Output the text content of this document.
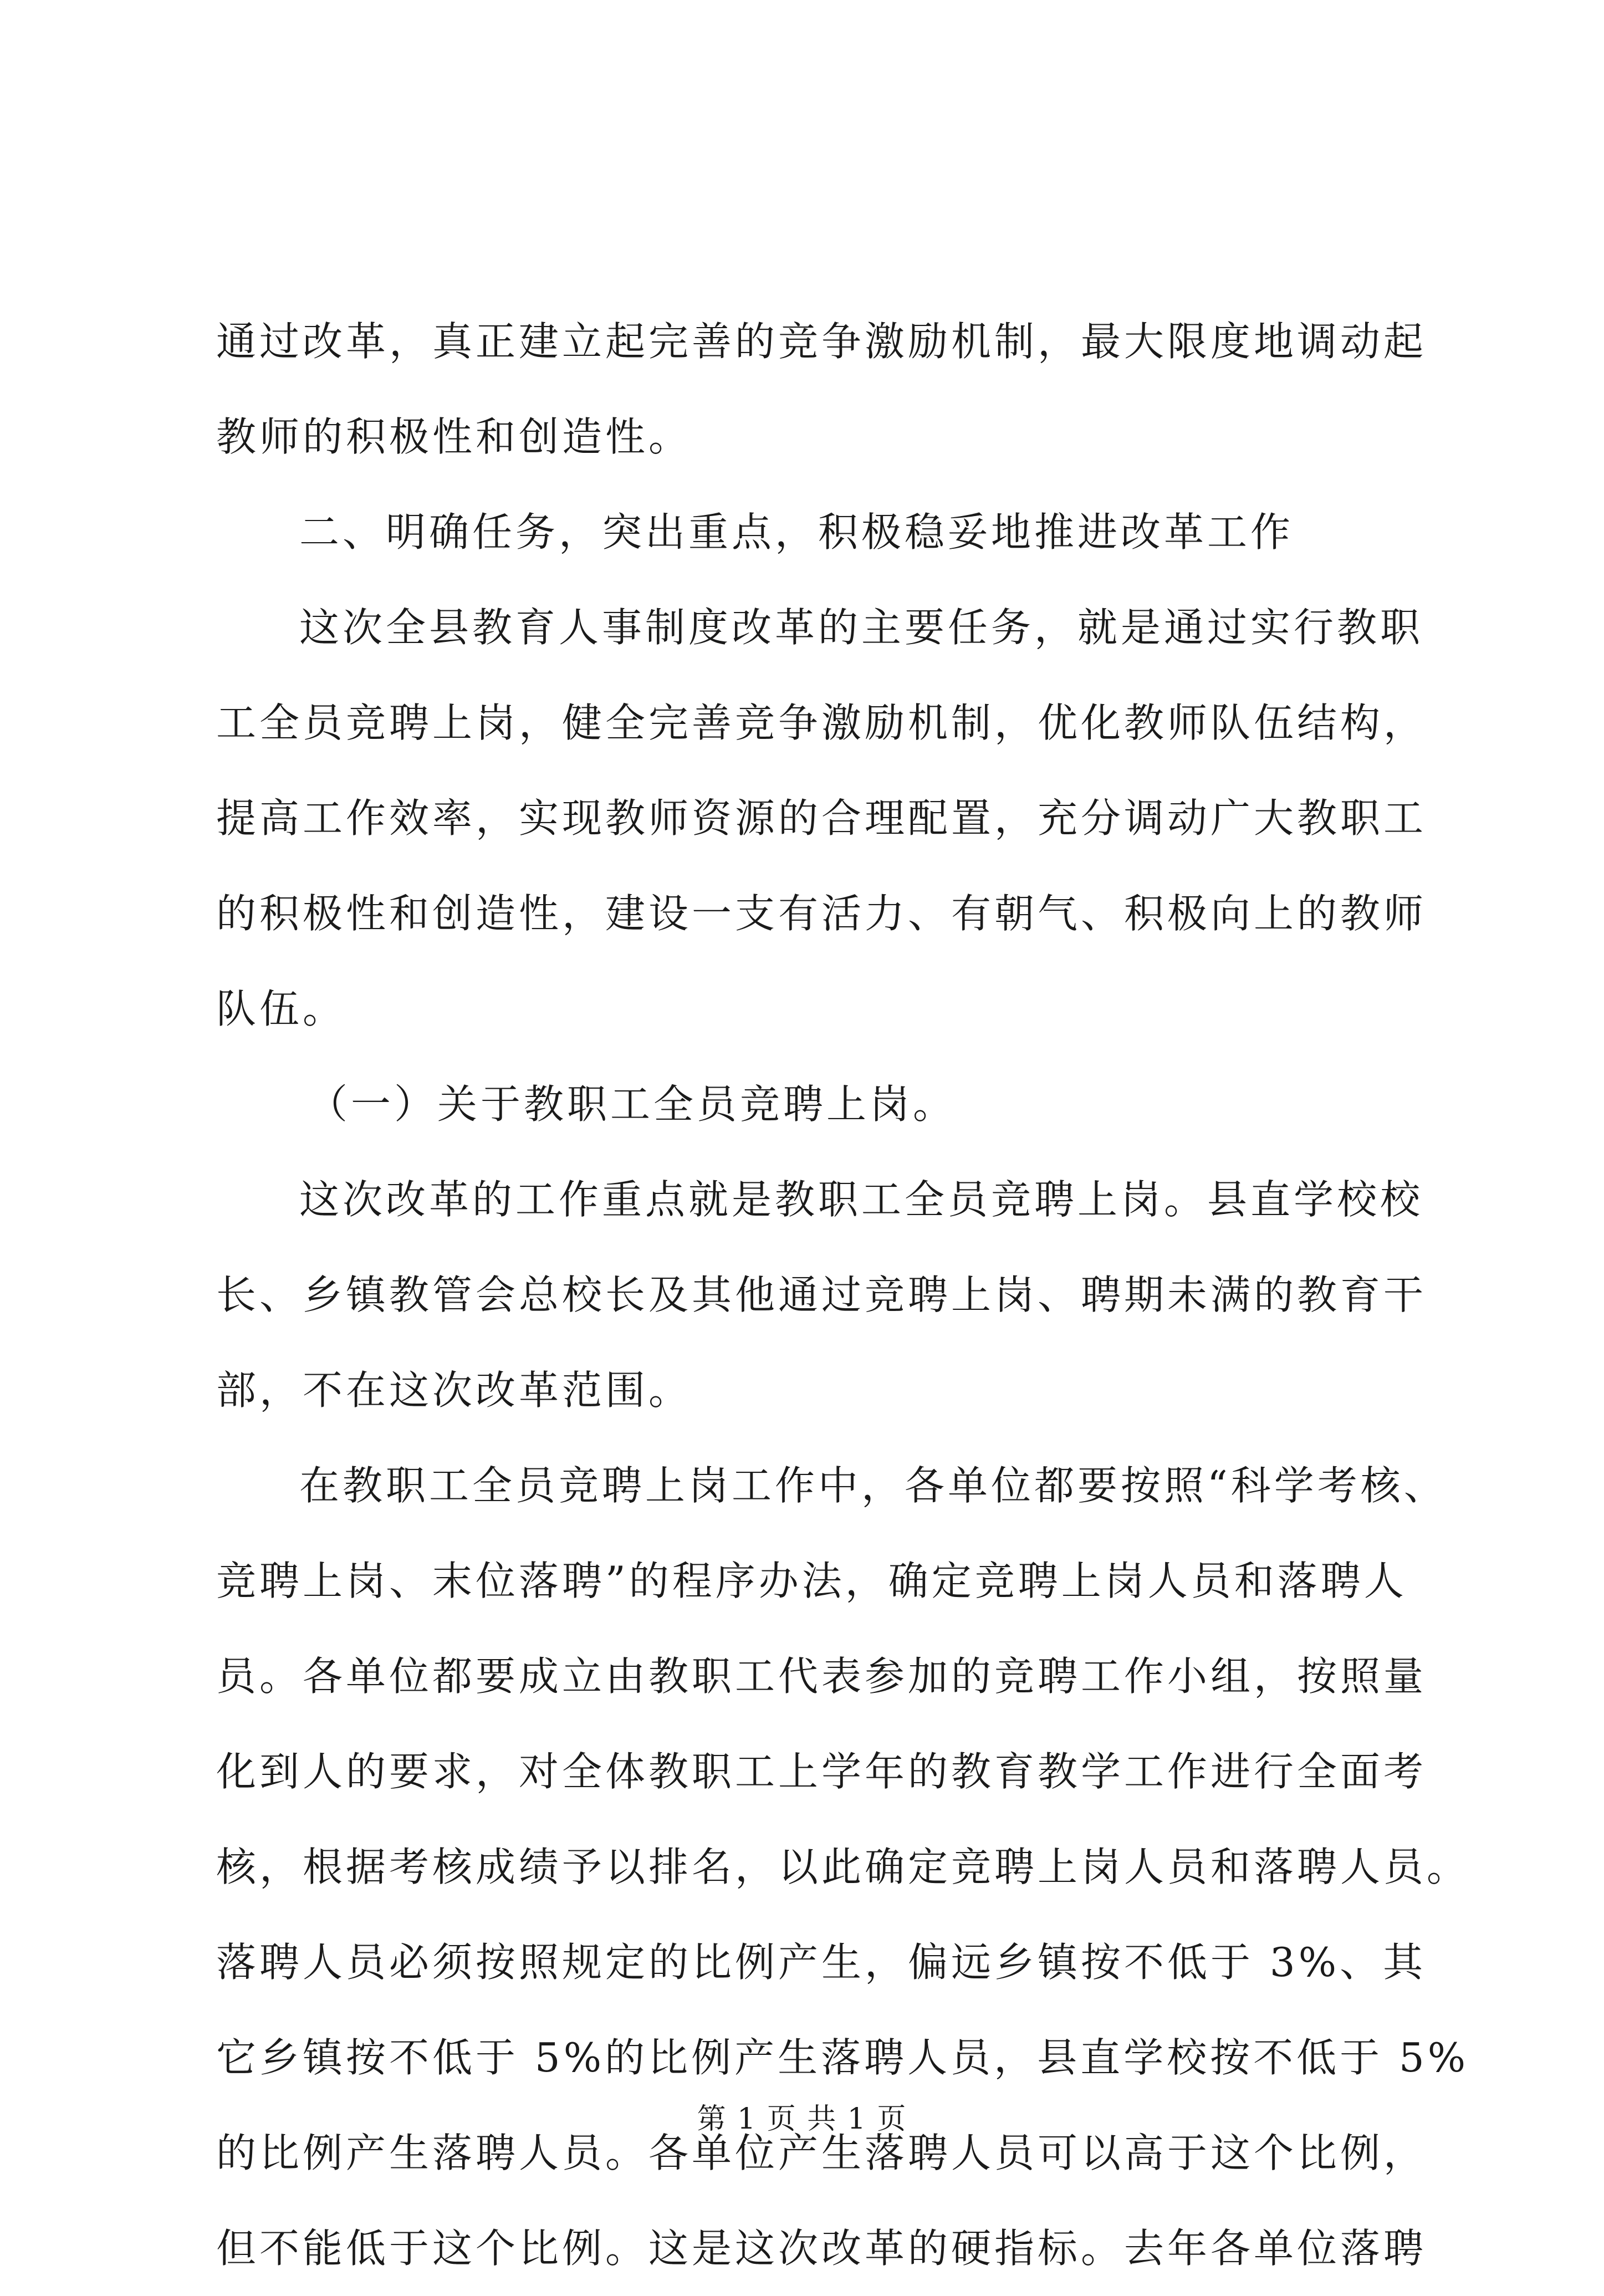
通过改革，真正建立起完善的竞争激励机制，最大限度地调动起
教师的积极性和创造性。
二、明确任务，突出重点，积极稳妥地推进改革工作
这次全县教育人事制度改革的主要任务，就是通过实行教职
工全员竞聘上岗，健全完善竞争激励机制，优化教师队伍结构，
提高工作效率，实现教师资源的合理配置，充分调动广大教职工
的积极性和创造性，建设一支有活力、有朝气、积极向上的教师
队伍。
（一）关于教职工全员竞聘上岗。
这次改革的工作重点就是教职工全员竞聘上岗。县直学校校
长、乡镇教管会总校长及其他通过竞聘上岗、聘期未满的教育干
部，不在这次改革范围。
在教职工全员竞聘上岗工作中，各单位都要按照“科学考核、
竞聘上岗、末位落聘”的程序办法，确定竞聘上岗人员和落聘人
员。各单位都要成立由教职工代表参加的竞聘工作小组，按照量
化到人的要求，对全体教职工上学年的教育教学工作进行全面考
核，根据考核成绩予以排名，以此确定竞聘上岗人员和落聘人员。
落聘人员必须按照规定的比例产生，偏远乡镇按不低于 3%、其
它乡镇按不低于 5%的比例产生落聘人员，县直学校按不低于 5%
的比例产生落聘人员。各单位产生落聘人员可以高于这个比例，
但不能低于这个比例。这是这次改革的硬指标。去年各单位落聘
第 1 页 共 1 页
